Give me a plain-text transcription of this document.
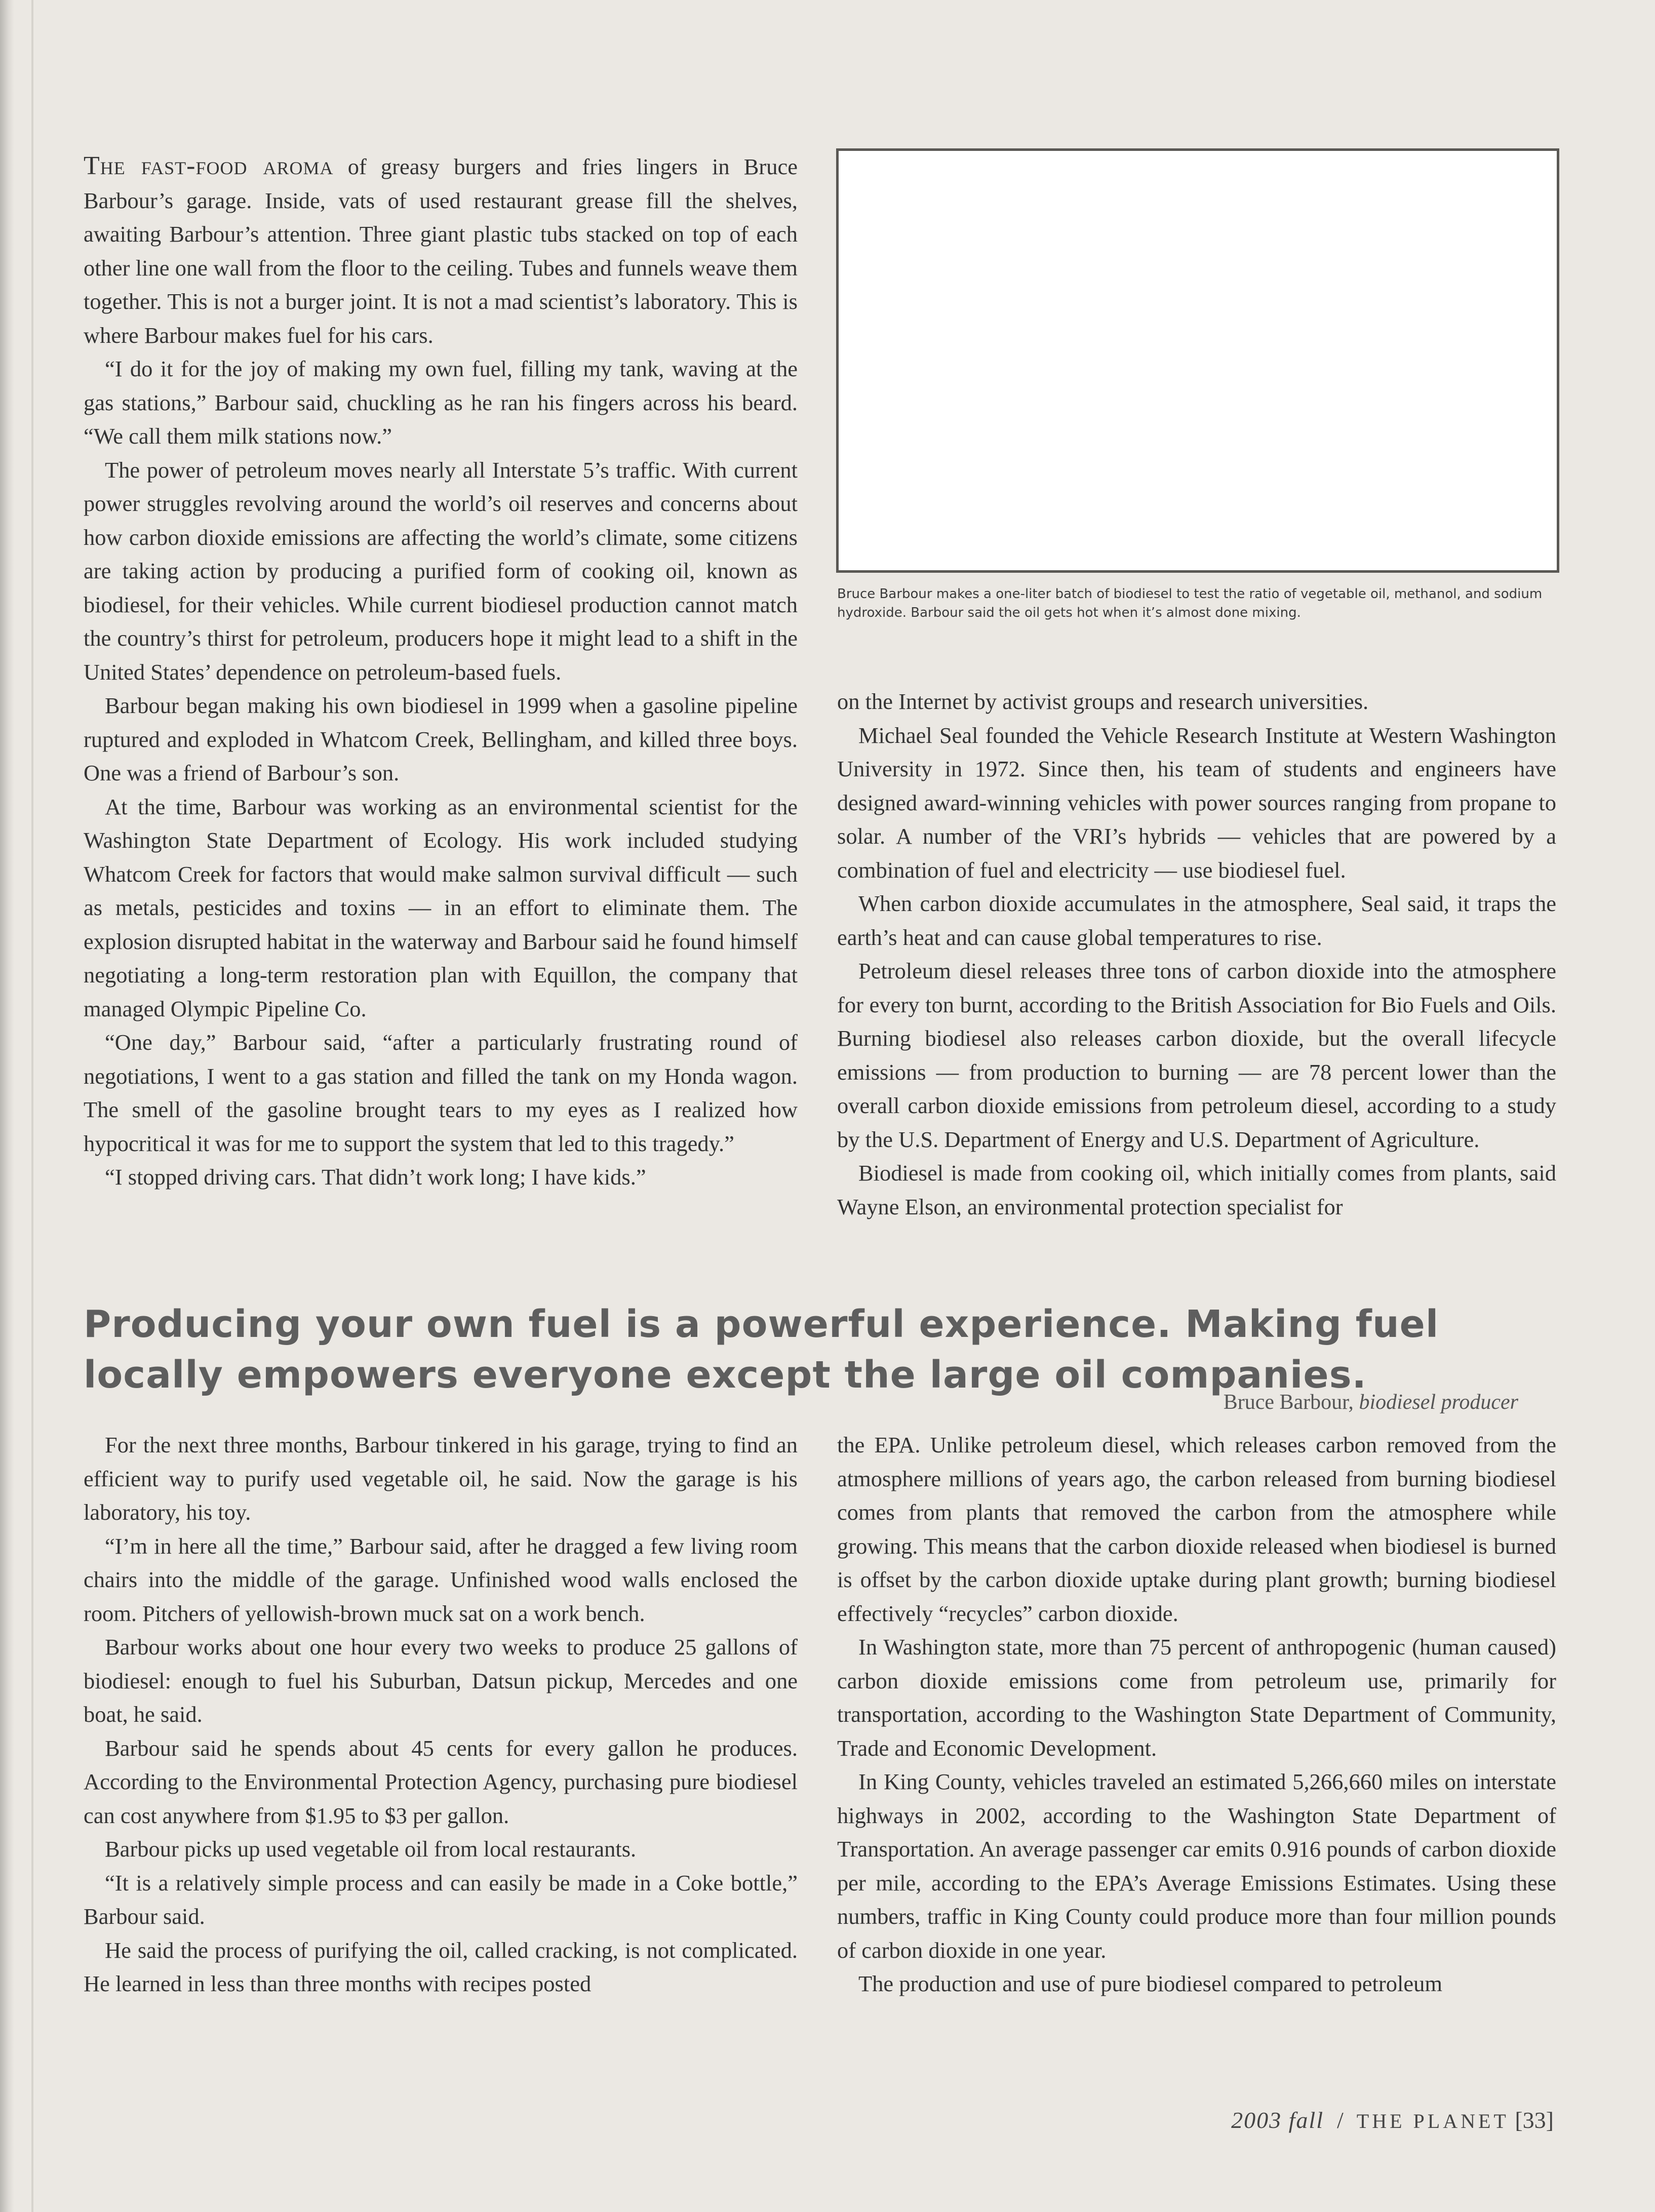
The fast-food aroma of greasy burgers and fries lingers in Bruce Barbour’s garage. Inside, vats of used restaurant grease fill the shelves, awaiting Barbour’s attention. Three giant plastic tubs stacked on top of each other line one wall from the floor to the ceiling. Tubes and funnels weave them together. This is not a burger joint. It is not a mad scientist’s laboratory. This is where Barbour makes fuel for his cars.

“I do it for the joy of making my own fuel, filling my tank, waving at the gas stations,” Barbour said, chuckling as he ran his fingers across his beard. “We call them milk stations now.”

The power of petroleum moves nearly all Interstate 5’s traffic. With current power struggles revolving around the world’s oil reserves and concerns about how carbon dioxide emissions are affecting the world’s climate, some citizens are taking action by producing a purified form of cooking oil, known as biodiesel, for their vehicles. While current biodiesel production cannot match the country’s thirst for petroleum, producers hope it might lead to a shift in the United States’ dependence on petroleum-based fuels.

Barbour began making his own biodiesel in 1999 when a gasoline pipeline ruptured and exploded in Whatcom Creek, Bellingham, and killed three boys. One was a friend of Barbour’s son.

At the time, Barbour was working as an environmental scientist for the Washington State Department of Ecology. His work included studying Whatcom Creek for factors that would make salmon survival difficult — such as metals, pesticides and toxins — in an effort to eliminate them. The explosion disrupted habitat in the waterway and Barbour said he found himself negotiating a long-term restoration plan with Equillon, the company that managed Olympic Pipeline Co.

“One day,” Barbour said, “after a particularly frustrating round of negotiations, I went to a gas station and filled the tank on my Honda wagon. The smell of the gasoline brought tears to my eyes as I realized how hypocritical it was for me to support the system that led to this tragedy.”

“I stopped driving cars. That didn’t work long; I have kids.”

Bruce Barbour makes a one-liter batch of biodiesel to test the ratio of vegetable oil, methanol, and sodium hydroxide. Barbour said the oil gets hot when it’s almost done mixing.

on the Internet by activist groups and research universities.

Michael Seal founded the Vehicle Research Institute at Western Washington University in 1972. Since then, his team of students and engineers have designed award-winning vehicles with power sources ranging from propane to solar. A number of the VRI’s hybrids — vehicles that are powered by a combination of fuel and electricity — use biodiesel fuel.

When carbon dioxide accumulates in the atmosphere, Seal said, it traps the earth’s heat and can cause global temperatures to rise.

Petroleum diesel releases three tons of carbon dioxide into the atmosphere for every ton burnt, according to the British Association for Bio Fuels and Oils. Burning biodiesel also releases carbon dioxide, but the overall lifecycle emissions — from production to burning — are 78 percent lower than the overall carbon dioxide emissions from petroleum diesel, according to a study by the U.S. Department of Energy and U.S. Department of Agriculture.

Biodiesel is made from cooking oil, which initially comes from plants, said Wayne Elson, an environmental protection specialist for

Producing your own fuel is a powerful experience. Making fuel locally empowers everyone except the large oil companies.
Bruce Barbour, biodiesel producer

For the next three months, Barbour tinkered in his garage, trying to find an efficient way to purify used vegetable oil, he said. Now the garage is his laboratory, his toy.

“I’m in here all the time,” Barbour said, after he dragged a few living room chairs into the middle of the garage. Unfinished wood walls enclosed the room. Pitchers of yellowish-brown muck sat on a work bench.

Barbour works about one hour every two weeks to produce 25 gallons of biodiesel: enough to fuel his Suburban, Datsun pickup, Mercedes and one boat, he said.

Barbour said he spends about 45 cents for every gallon he produces. According to the Environmental Protection Agency, purchasing pure biodiesel can cost anywhere from $1.95 to $3 per gallon.

Barbour picks up used vegetable oil from local restaurants.

“It is a relatively simple process and can easily be made in a Coke bottle,” Barbour said.

He said the process of purifying the oil, called cracking, is not complicated. He learned in less than three months with recipes posted

the EPA. Unlike petroleum diesel, which releases carbon removed from the atmosphere millions of years ago, the carbon released from burning biodiesel comes from plants that removed the carbon from the atmosphere while growing. This means that the carbon dioxide released when biodiesel is burned is offset by the carbon dioxide uptake during plant growth; burning biodiesel effectively “recycles” carbon dioxide.

In Washington state, more than 75 percent of anthropogenic (human caused) carbon dioxide emissions come from petroleum use, primarily for transportation, according to the Washington State Department of Community, Trade and Economic Development.

In King County, vehicles traveled an estimated 5,266,660 miles on interstate highways in 2002, according to the Washington State Department of Transportation. An average passenger car emits 0.916 pounds of carbon dioxide per mile, according to the EPA’s Average Emissions Estimates. Using these numbers, traffic in King County could produce more than four million pounds of carbon dioxide in one year.

The production and use of pure biodiesel compared to petroleum

2003 fall / THE PLANET [33]
